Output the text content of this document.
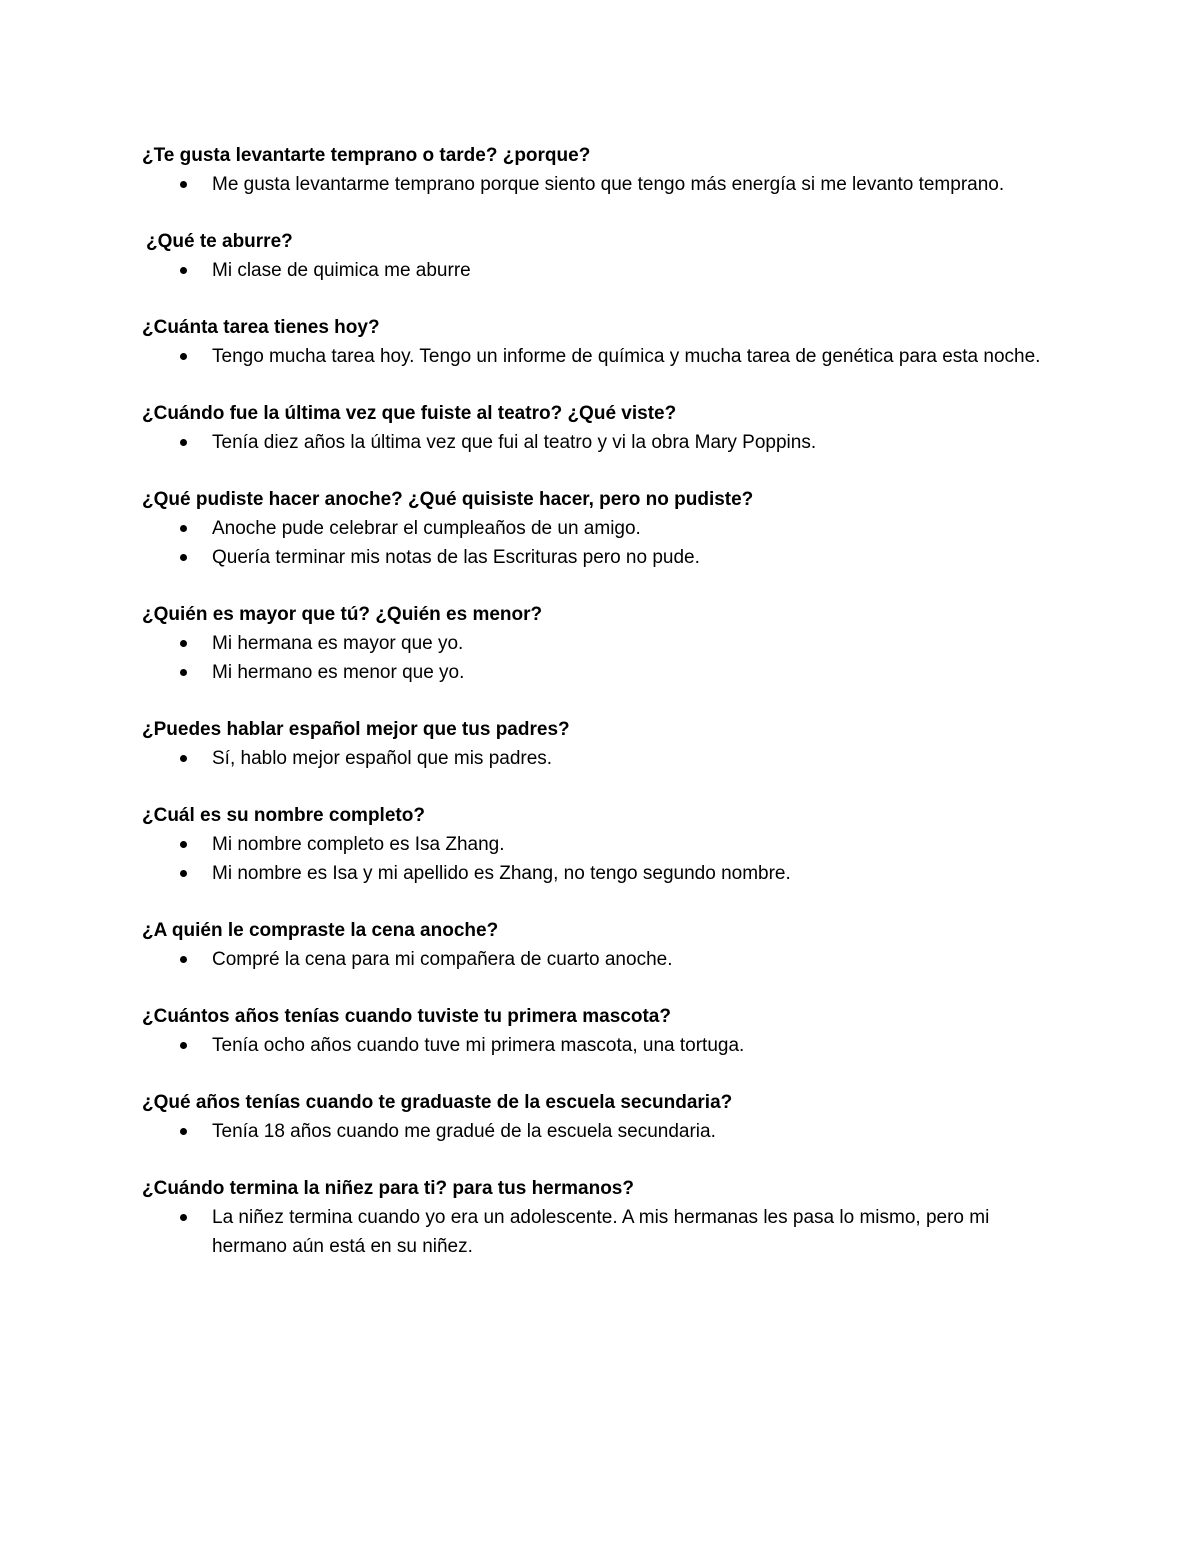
¿Te gusta levantarte temprano o tarde? ¿porque?

Me gusta levantarme temprano porque siento que tengo más energía si me levanto temprano.

¿Qué te aburre?

Mi clase de quimica me aburre

¿Cuánta tarea tienes hoy?

Tengo mucha tarea hoy. Tengo un informe de química y mucha tarea de genética para esta noche.

¿Cuándo fue la última vez que fuiste al teatro? ¿Qué viste?

Tenía diez años la última vez que fui al teatro y vi la obra Mary Poppins.

¿Qué pudiste hacer anoche? ¿Qué quisiste hacer, pero no pudiste?

Anoche pude celebrar el cumpleaños de un amigo.
Quería terminar mis notas de las Escrituras pero no pude.

¿Quién es mayor que tú? ¿Quién es menor?

Mi hermana es mayor que yo.
Mi hermano es menor que yo.

¿Puedes hablar español mejor que tus padres?

Sí, hablo mejor español que mis padres.

¿Cuál es su nombre completo?

Mi nombre completo es Isa Zhang.
Mi nombre es Isa y mi apellido es Zhang, no tengo segundo nombre.

¿A quién le compraste la cena anoche?

Compré la cena para mi compañera de cuarto anoche.

¿Cuántos años tenías cuando tuviste tu primera mascota?

Tenía ocho años cuando tuve mi primera mascota, una tortuga.

¿Qué años tenías cuando te graduaste de la escuela secundaria?

Tenía 18 años cuando me gradué de la escuela secundaria.

¿Cuándo termina la niñez para ti? para tus hermanos?

La niñez termina cuando yo era un adolescente. A mis hermanas les pasa lo mismo, pero mi hermano aún está en su niñez.
